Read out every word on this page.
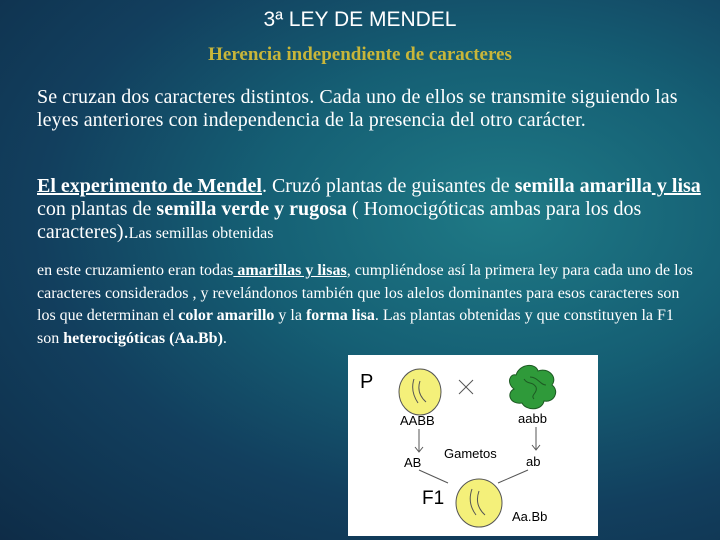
3ª LEY DE MENDEL
Herencia independiente de caracteres
Se cruzan dos caracteres distintos. Cada uno de ellos se transmite siguiendo las leyes anteriores con independencia de la presencia del otro carácter.
El experimento de Mendel. Cruzó plantas de guisantes de semilla amarilla y lisa con plantas de semilla verde y rugosa ( Homocigóticas ambas para los dos caracteres).Las semillas obtenidas
en este cruzamiento eran todas amarillas y lisas, cumpliéndose así la primera ley para cada uno de los caracteres considerados , y revelándonos también que los alelos dominantes para esos caracteres son los que determinan el color amarillo y la forma lisa. Las plantas obtenidas y que constituyen la F1 son heterocigóticas (Aa.Bb).
P
AABB	aabb
Gametos
AB	ab
F1
Aa.Bb
